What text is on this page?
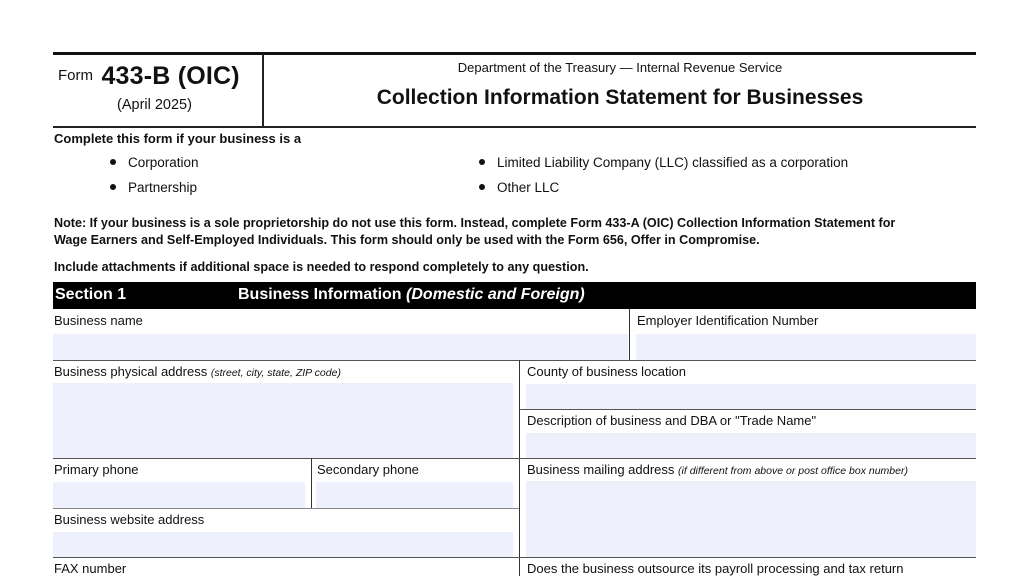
Form 433-B (OIC)
(April 2025)
Department of the Treasury — Internal Revenue Service
Collection Information Statement for Businesses
Complete this form if your business is a
Corporation
Partnership
Limited Liability Company (LLC) classified as a corporation
Other LLC
Note: If your business is a sole proprietorship do not use this form. Instead, complete Form 433-A (OIC) Collection Information Statement for
Wage Earners and Self-Employed Individuals. This form should only be used with the Form 656, Offer in Compromise.
Include attachments if additional space is needed to respond completely to any question.
Section 1	Business Information (Domestic and Foreign)
Business name	Employer Identification Number
Business physical address (street, city, state, ZIP code)	County of business location
Description of business and DBA or "Trade Name"
Primary phone	Secondary phone
Business website address
Business mailing address (if different from above or post office box number)
FAX number	Does the business outsource its payroll processing and tax return
